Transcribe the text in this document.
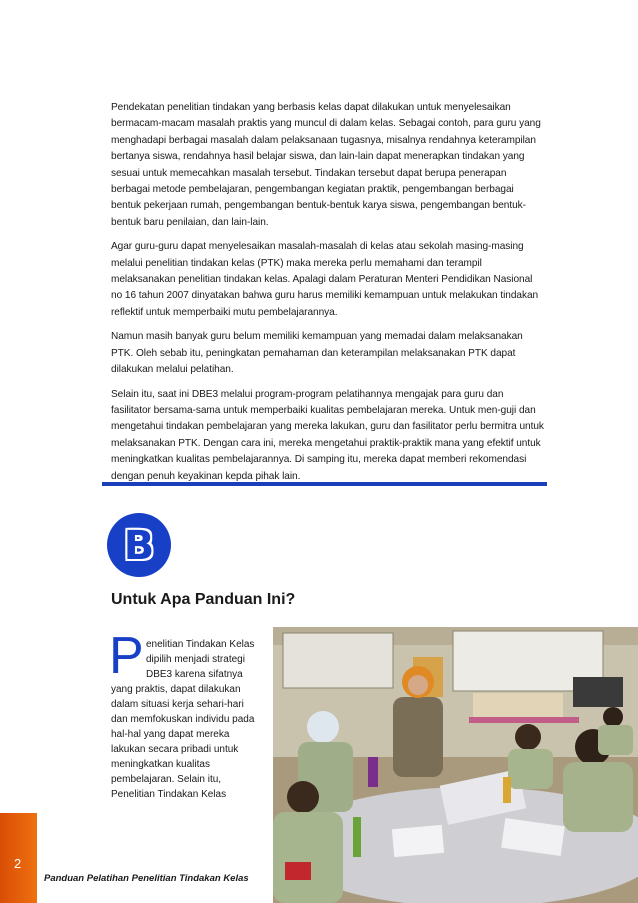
Pendekatan penelitian tindakan yang berbasis kelas dapat dilakukan untuk menyelesaikan bermacam-macam masalah praktis yang muncul di dalam kelas. Sebagai contoh, para guru yang menghadapi berbagai masalah dalam pelaksanaan tugasnya, misalnya rendahnya keterampilan bertanya siswa, rendahnya hasil belajar siswa, dan lain-lain dapat menerapkan tindakan yang sesuai untuk memecahkan masalah tersebut. Tindakan tersebut dapat berupa penerapan berbagai metode pembelajaran, pengembangan kegiatan praktik, pengembangan berbagai bentuk pekerjaan rumah, pengembangan bentuk-bentuk karya siswa, pengembangan bentuk-bentuk baru penilaian, dan lain-lain.

Agar guru-guru dapat menyelesaikan masalah-masalah di kelas atau sekolah masing-masing melalui penelitian tindakan kelas (PTK) maka mereka perlu memahami dan terampil melaksanakan penelitian tindakan kelas. Apalagi dalam Peraturan Menteri Pendidikan Nasional no 16 tahun 2007 dinyatakan bahwa guru harus memiliki kemampuan untuk melakukan tindakan reflektif untuk memperbaiki mutu pembelajarannya.

Namun masih banyak guru belum memiliki kemampuan yang memadai dalam melaksanakan PTK. Oleh sebab itu, peningkatan pemahaman dan keterampilan melaksanakan PTK dapat dilakukan melalui pelatihan.

Selain itu, saat ini DBE3 melalui program-program pelatihannya mengajak para guru dan fasilitator bersama-sama untuk memperbaiki kualitas pembelajaran mereka. Untuk men-guji dan mengetahui tindakan pembelajaran yang mereka lakukan, guru dan fasilitator perlu bermitra untuk melaksanakan PTK. Dengan cara ini, mereka mengetahui praktik-praktik mana yang efektif untuk meningkatkan kualitas pembelajarannya. Di samping itu, mereka dapat memberi rekomendasi dengan penuh keyakinan kepda pihak lain.

B
Untuk Apa Panduan Ini?
P enelitian Tindakan Kelas
dipilih menjadi strategi
DBE3 karena sifatnya
yang praktis, dapat dilakukan
dalam situasi kerja sehari-hari
dan memfokuskan individu pada
hal-hal yang dapat mereka
lakukan secara pribadi untuk
meningkatkan kualitas
pembelajaran. Selain itu,
Penelitian Tindakan Kelas
2
Panduan Pelatihan Penelitian Tindakan Kelas
